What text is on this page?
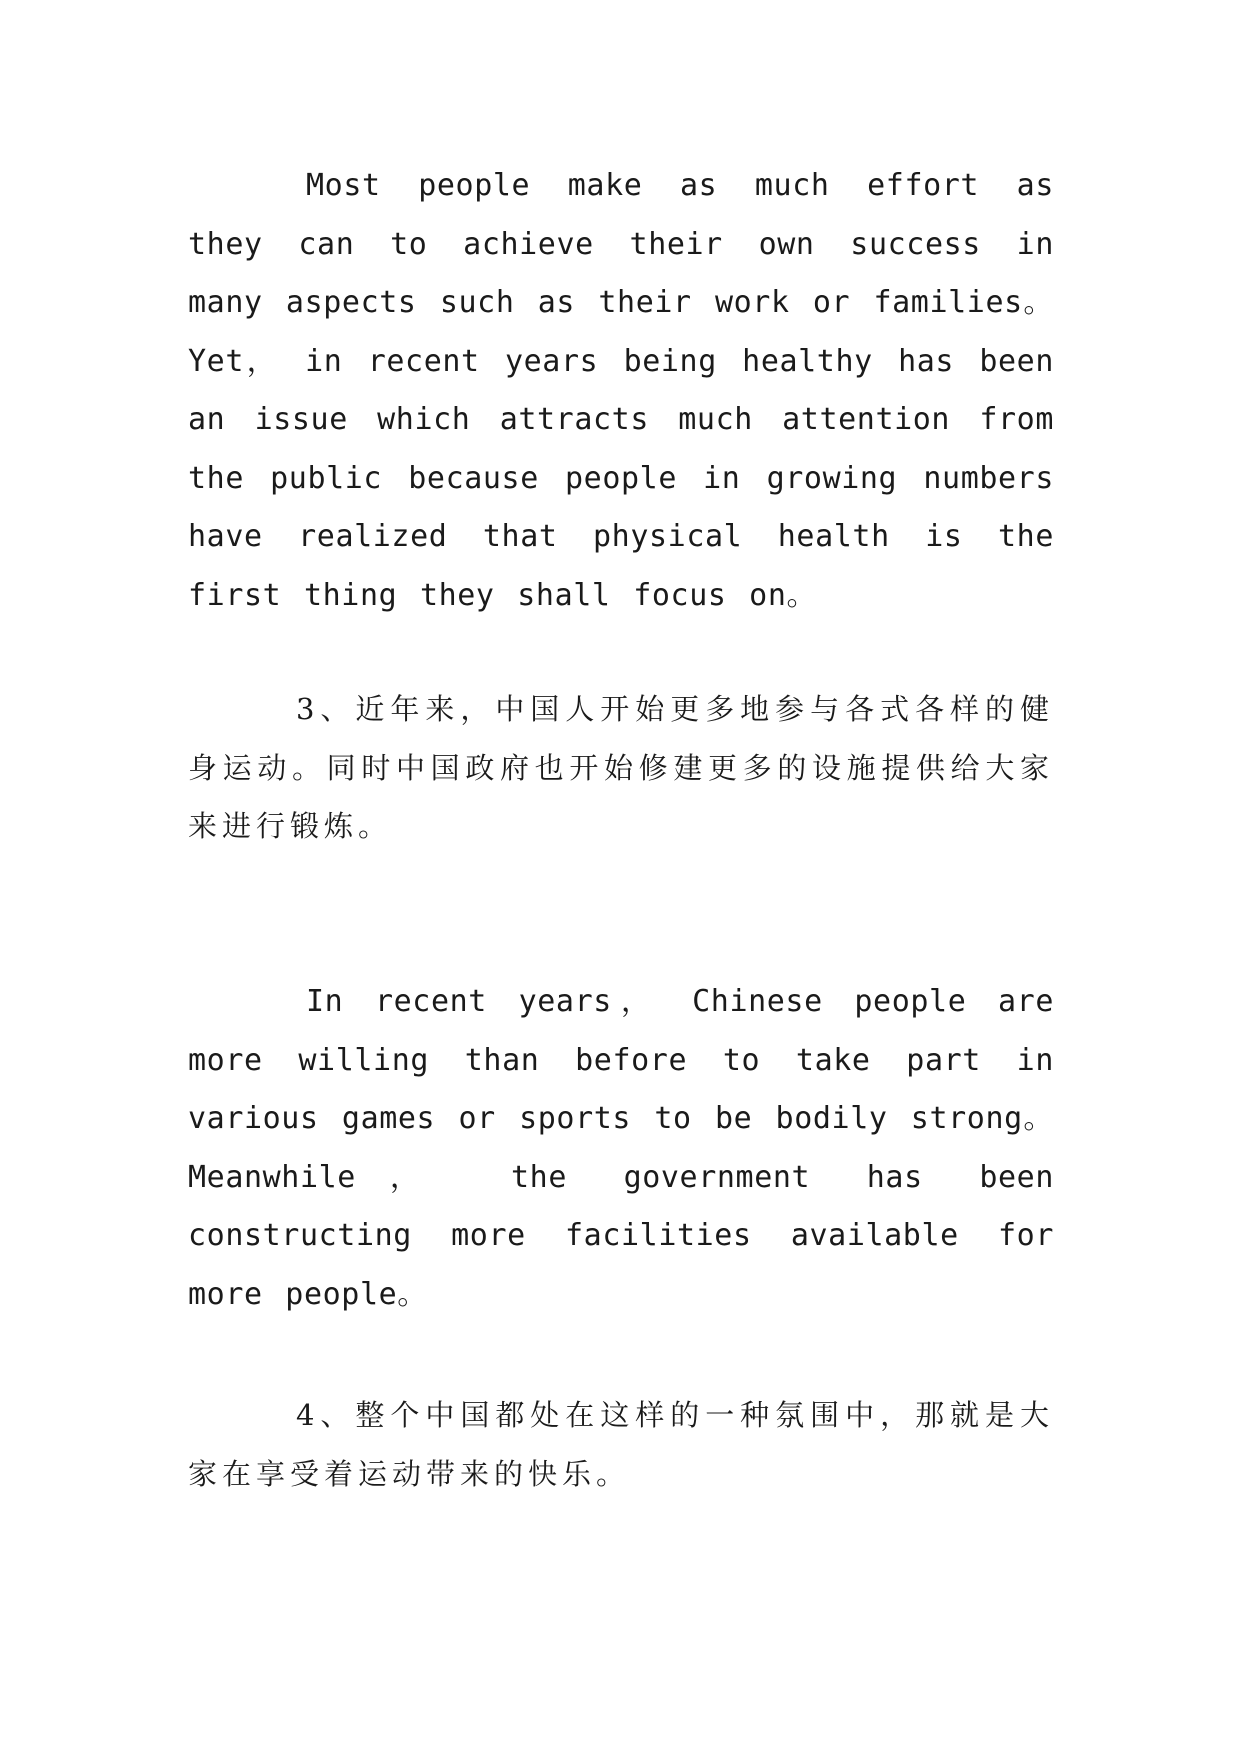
Most people make as much effort as they can to achieve their own success in many aspects such as their work or families。 Yet， in recent years being healthy has been an issue which attracts much attention from the public because people in growing numbers have realized that physical health is the first thing they shall focus on。

3、近年来，中国人开始更多地参与各式各样的健身运动。同时中国政府也开始修建更多的设施提供给大家来进行锻炼。

In recent years， Chinese people are more willing than before to take part in various games or sports to be bodily strong。 Meanwhile， the government has been constructing more facilities available for more people。

4、整个中国都处在这样的一种氛围中，那就是大家在享受着运动带来的快乐。
